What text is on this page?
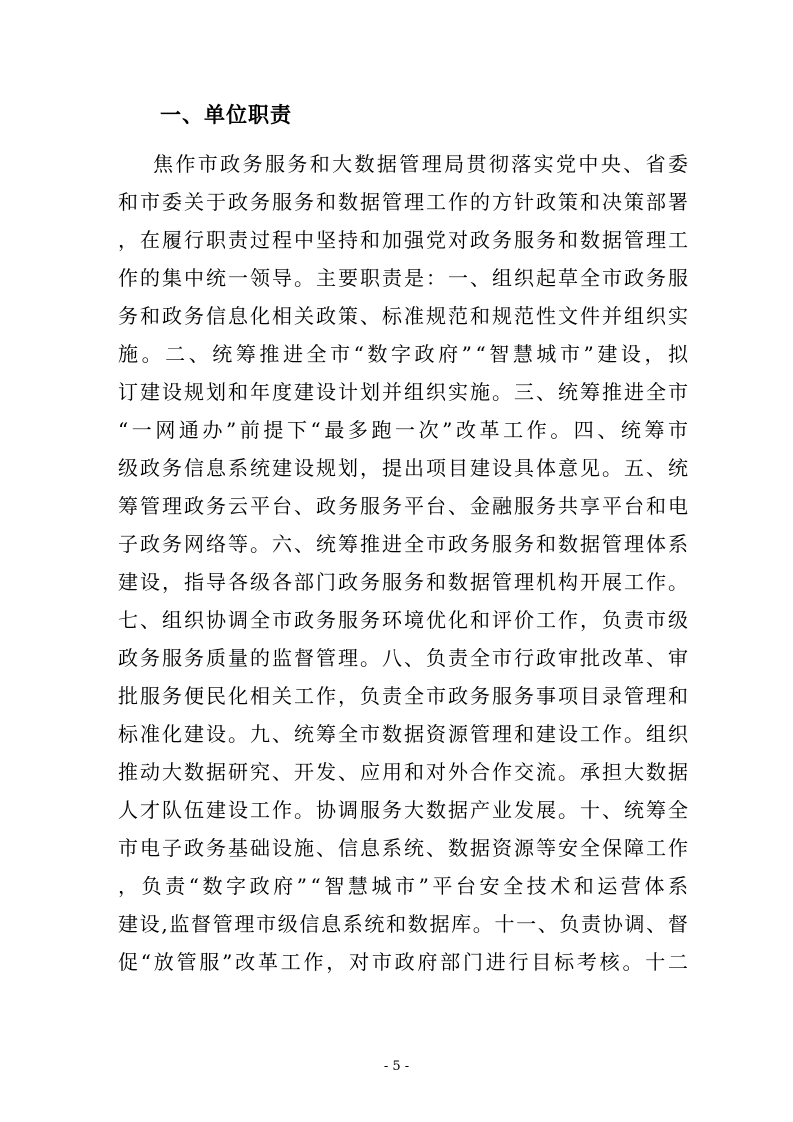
一、单位职责

焦 作 市 政 务 服 务 和 大 数 据 管 理 局 贯 彻 落 实 党 中 央 、 省 委
和 市 委 关 于 政 务 服 务 和 数 据 管 理 工 作 的 方 针 政 策 和 决 策 部 署
， 在 履 行 职 责 过 程 中 坚 持 和 加 强 党 对 政 务 服 务 和 数 据 管 理 工
作 的 集 中 统 一 领 导 。 主 要 职 责 是 ： 一 、 组 织 起 草 全 市 政 务 服
务 和 政 务 信 息 化 相 关 政 策 、 标 准 规 范 和 规 范 性 文 件 并 组 织 实
施 。 二 、 统 筹 推 进 全 市 “ 数 字 政 府 ” “ 智 慧 城 市 ” 建 设 ， 拟
订 建 设 规 划 和 年 度 建 设 计 划 并 组 织 实 施 。 三 、 统 筹 推 进 全 市
“ 一 网 通 办 ” 前 提 下 “ 最 多 跑 一 次 ” 改 革 工 作 。 四 、 统 筹 市
级 政 务 信 息 系 统 建 设 规 划 ， 提 出 项 目 建 设 具 体 意 见 。 五 、 统
筹 管 理 政 务 云 平 台 、 政 务 服 务 平 台 、 金 融 服 务 共 享 平 台 和 电
子 政 务 网 络 等 。 六 、 统 筹 推 进 全 市 政 务 服 务 和 数 据 管 理 体 系
建 设 ， 指 导 各 级 各 部 门 政 务 服 务 和 数 据 管 理 机 构 开 展 工 作 。
七 、 组 织 协 调 全 市 政 务 服 务 环 境 优 化 和 评 价 工 作 ， 负 责 市 级
政 务 服 务 质 量 的 监 督 管 理 。 八 、 负 责 全 市 行 政 审 批 改 革 、 审
批 服 务 便 民 化 相 关 工 作 ， 负 责 全 市 政 务 服 务 事 项 目 录 管 理 和
标 准 化 建 设 。 九 、 统 筹 全 市 数 据 资 源 管 理 和 建 设 工 作 。 组 织
推 动 大 数 据 研 究 、 开 发 、 应 用 和 对 外 合 作 交 流 。 承 担 大 数 据
人 才 队 伍 建 设 工 作 。 协 调 服 务 大 数 据 产 业 发 展 。 十 、 统 筹 全
市 电 子 政 务 基 础 设 施 、 信 息 系 统 、 数 据 资 源 等 安 全 保 障 工 作
， 负 责 “ 数 字 政 府 ” “ 智 慧 城 市 ” 平 台 安 全 技 术 和 运 营 体 系
建 设 , 监 督 管 理 市 级 信 息 系 统 和 数 据 库 。 十 一 、 负 责 协 调 、 督
促 “ 放 管 服 ” 改 革 工 作 ， 对 市 政 府 部 门 进 行 目 标 考 核 。 十 二
- 5 -
